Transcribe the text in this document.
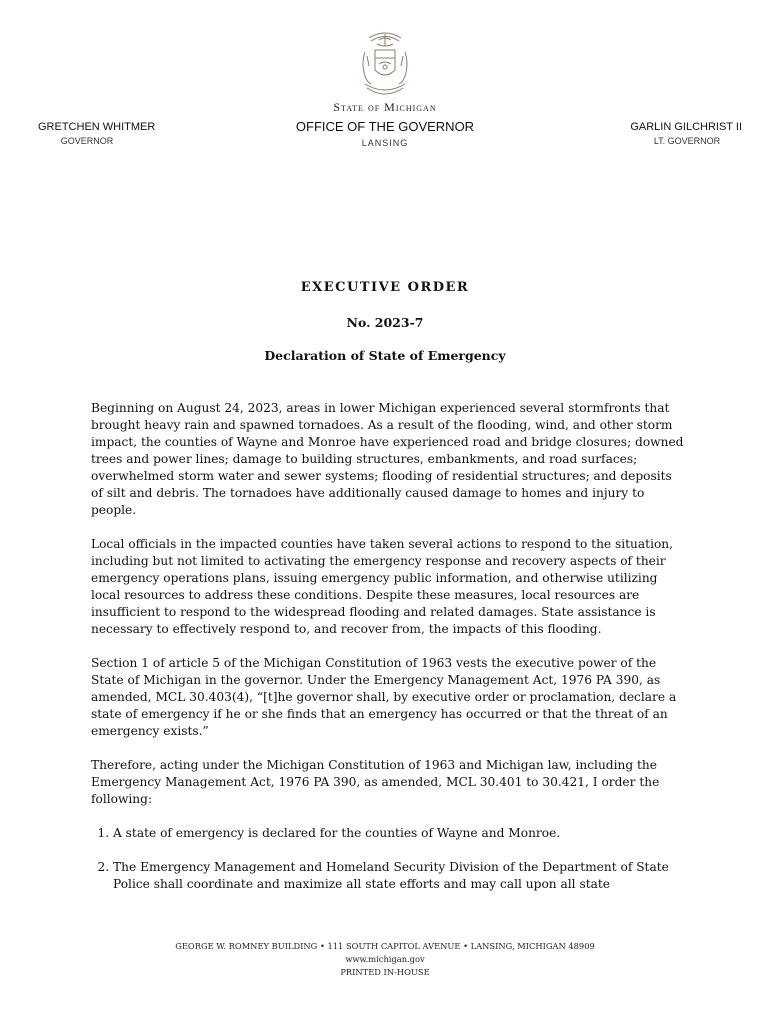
State of Michigan
OFFICE OF THE GOVERNOR
LANSING
GRETCHEN WHITMER
GOVERNOR
GARLIN GILCHRIST II
LT. GOVERNOR
EXECUTIVE ORDER
No. 2023-7
Declaration of State of Emergency

Beginning on August 24, 2023, areas in lower Michigan experienced several stormfronts that brought heavy rain and spawned tornadoes. As a result of the flooding, wind, and other storm impact, the counties of Wayne and Monroe have experienced road and bridge closures; downed trees and power lines; damage to building structures, embankments, and road surfaces; overwhelmed storm water and sewer systems; flooding of residential structures; and deposits of silt and debris. The tornadoes have additionally caused damage to homes and injury to people.

Local officials in the impacted counties have taken several actions to respond to the situation, including but not limited to activating the emergency response and recovery aspects of their emergency operations plans, issuing emergency public information, and otherwise utilizing local resources to address these conditions. Despite these measures, local resources are insufficient to respond to the widespread flooding and related damages. State assistance is necessary to effectively respond to, and recover from, the impacts of this flooding.

Section 1 of article 5 of the Michigan Constitution of 1963 vests the executive power of the State of Michigan in the governor. Under the Emergency Management Act, 1976 PA 390, as amended, MCL 30.403(4), “[t]he governor shall, by executive order or proclamation, declare a state of emergency if he or she finds that an emergency has occurred or that the threat of an emergency exists.”

Therefore, acting under the Michigan Constitution of 1963 and Michigan law, including the Emergency Management Act, 1976 PA 390, as amended, MCL 30.401 to 30.421, I order the following:

1. A state of emergency is declared for the counties of Wayne and Monroe.
2. The Emergency Management and Homeland Security Division of the Department of State Police shall coordinate and maximize all state efforts and may call upon all state
GEORGE W. ROMNEY BUILDING • 111 SOUTH CAPITOL AVENUE • LANSING, MICHIGAN 48909
www.michigan.gov
PRINTED IN-HOUSE
